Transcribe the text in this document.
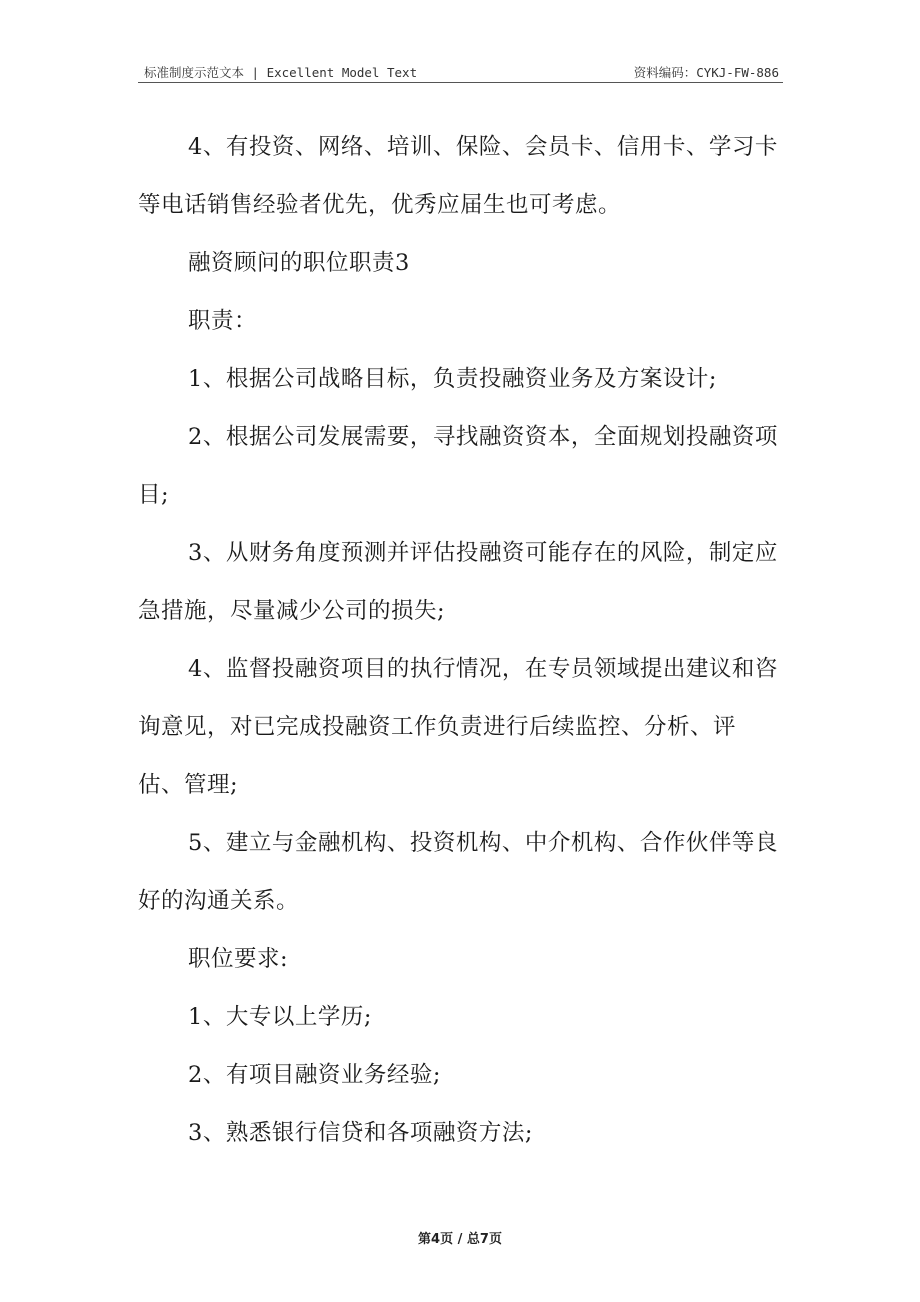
标准制度示范文本 | Excellent Model Text	资料编码：CYKJ-FW-886

4、有投资、网络、培训、保险、会员卡、信用卡、学习卡等电话销售经验者优先，优秀应届生也可考虑。

融资顾问的职位职责3

职责：

1、根据公司战略目标，负责投融资业务及方案设计;

2、根据公司发展需要，寻找融资资本，全面规划投融资项目;

3、从财务角度预测并评估投融资可能存在的风险，制定应急措施，尽量减少公司的损失;

4、监督投融资项目的执行情况，在专员领域提出建议和咨询意见，对已完成投融资工作负责进行后续监控、分析、评估、管理;

5、建立与金融机构、投资机构、中介机构、合作伙伴等良好的沟通关系。

职位要求:

1、大专以上学历;

2、有项目融资业务经验;

3、熟悉银行信贷和各项融资方法;

第4页 / 总7页
